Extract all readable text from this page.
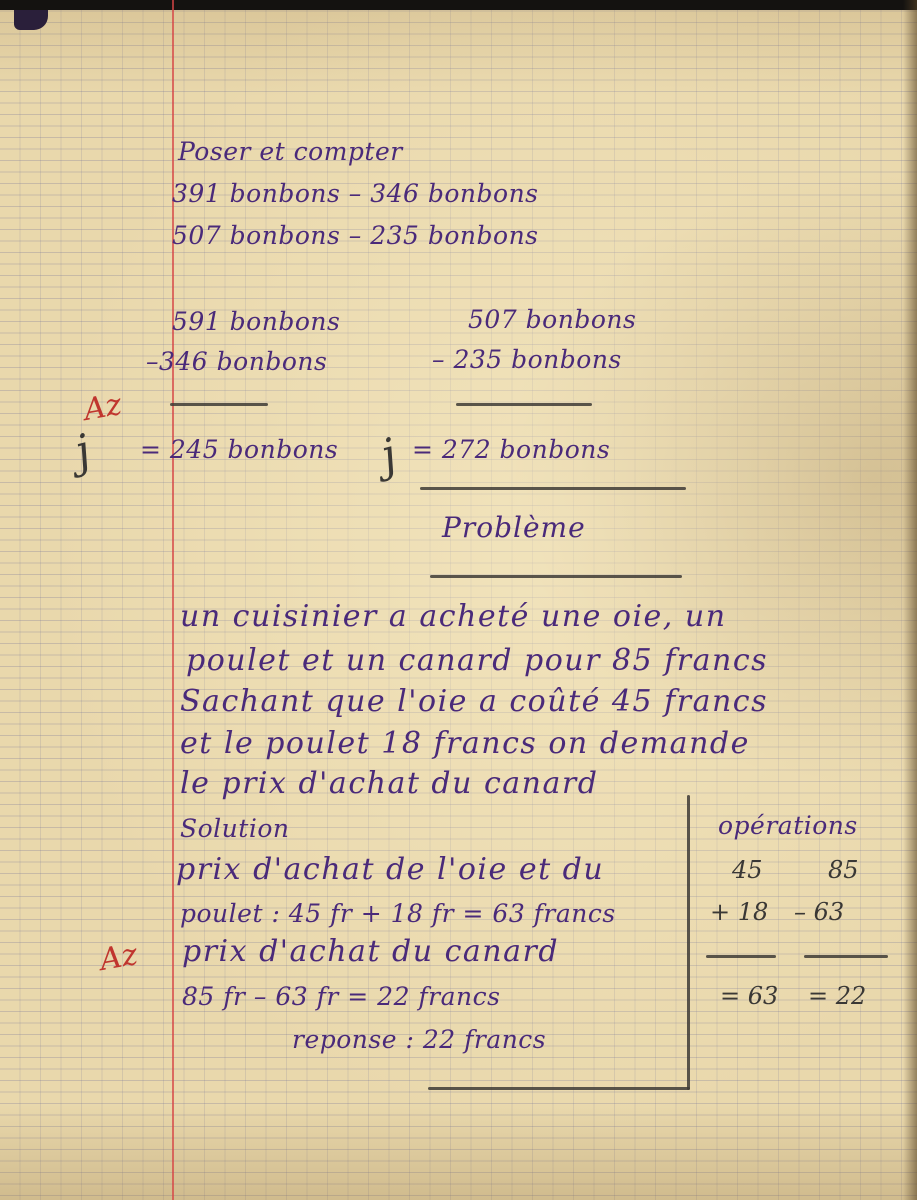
Poser et compter
391 bonbons – 346 bonbons
507 bonbons – 235 bonbons
591 bonbons
–346 bonbons
= 245 bonbons
507 bonbons
– 235 bonbons
= 272 bonbons
Az
j	j
Az
Problème
un cuisinier a acheté une oie, un
poulet et un canard pour 85 francs
Sachant que l'oie a coûté 45 francs
et le poulet 18 francs on demande
le prix d'achat du canard
Solution
prix d'achat de l'oie et du
poulet : 45 fr + 18 fr = 63 francs
prix d'achat du canard
85 fr – 63 fr = 22 francs
reponse : 22 francs
opérations
45
+ 18
= 63
85
– 63
= 22
